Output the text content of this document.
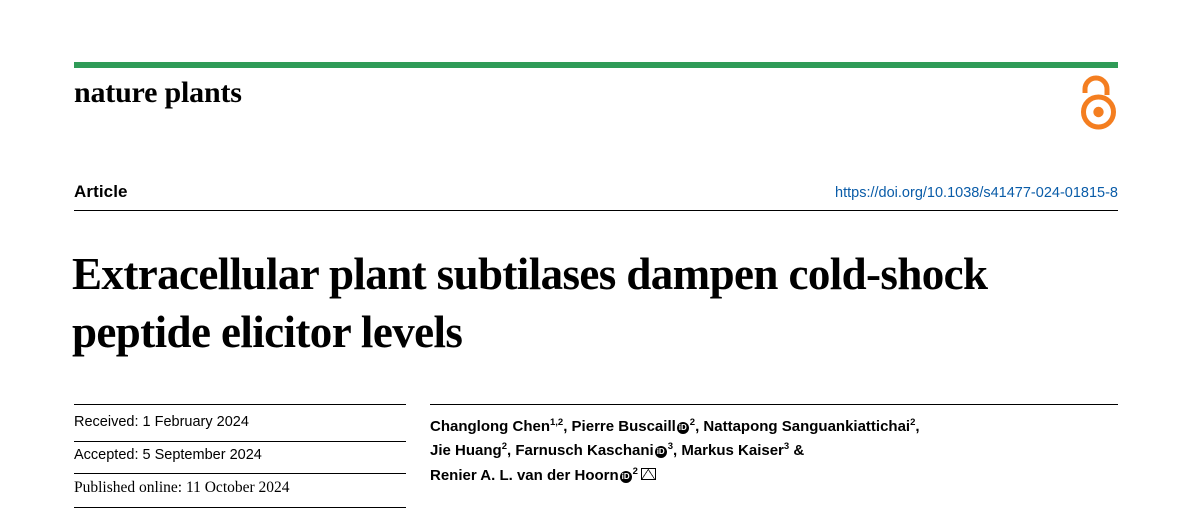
nature plants
Article	https://doi.org/10.1038/s41477-024-01815-8
Extracellular plant subtilases dampen cold-shock peptide elicitor levels
Received: 1 February 2024
Accepted: 5 September 2024
Published online: 11 October 2024
Changlong Chen$^{1,2}$, Pierre Buscaill iD $^2$, Nattapong Sanguankiattichai$^2$,
Jie Huang$^2$, Farnusch Kaschani iD $^3$, Markus Kaiser$^3$ &
Renier A. L. van der Hoorn iD $^2$
